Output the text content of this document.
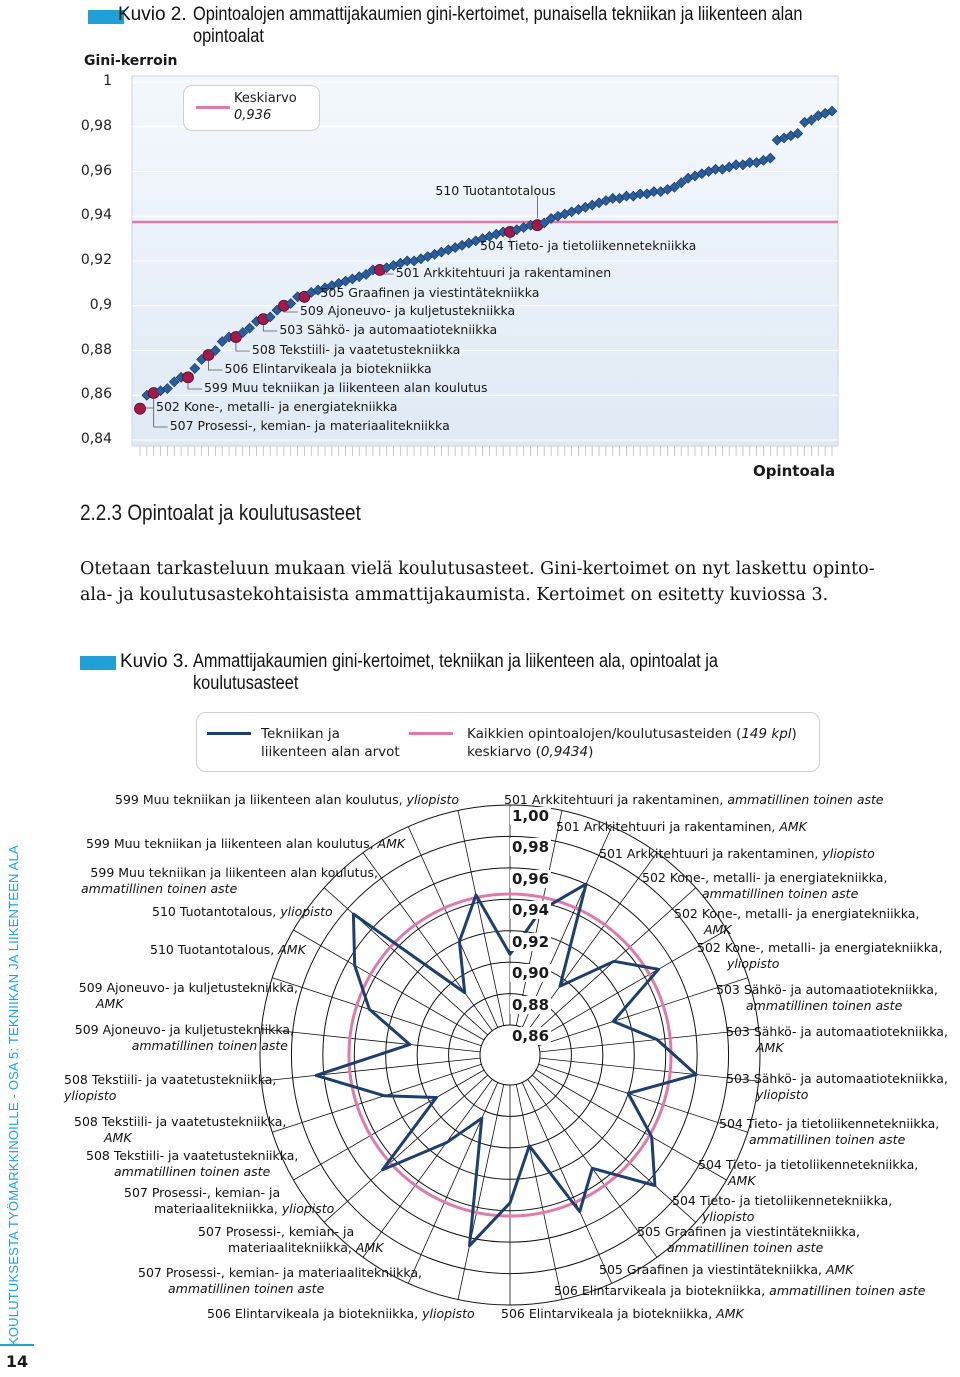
Kuvio 2. Opintoalojen ammattijakaumien gini-kertoimet, punaisella tekniikan ja liikenteen alan opintoalat
Gini-kerroin
1
0,98
0,96
0,94
0,92
0,9
0,88
0,86
0,84
Keskiarvo
0,936
502 Kone-, metalli- ja energiatekniikka
507 Prosessi-, kemian- ja materiaalitekniikka
599 Muu tekniikan ja liikenteen alan koulutus
506 Elintarvikeala ja biotekniikka
508 Tekstiili- ja vaatetustekniikka
503 Sähkö- ja automaatiotekniikka
509 Ajoneuvo- ja kuljetustekniikka
505 Graafinen ja viestintätekniikka
501 Arkkitehtuuri ja rakentaminen
504 Tieto- ja tietoliikennetekniikka
510 Tuotantotalous
Opintoala
2.2.3 Opintoalat ja koulutusasteet
Otetaan tarkasteluun mukaan vielä koulutusasteet. Gini-kertoimet on nyt laskettu opinto-
ala- ja koulutusastekohtaisista ammattijakaumista. Kertoimet on esitetty kuviossa 3.
Kuvio 3. Ammattijakaumien gini-kertoimet, tekniikan ja liikenteen ala, opintoalat ja
koulutusasteet
Tekniikan ja
liikenteen alan arvot
Kaikkien opintoalojen/koulutusasteiden (149 kpl)
keskiarvo (0,9434)
1,00
0,98
0,96
0,94
0,92
0,90
0,88
0,86
599 Muu tekniikan ja liikenteen alan koulutus, yliopisto	501 Arkkitehtuuri ja rakentaminen, ammatillinen toinen aste
501 Arkkitehtuuri ja rakentaminen, AMK
599 Muu tekniikan ja liikenteen alan koulutus, AMK
501 Arkkitehtuuri ja rakentaminen, yliopisto
599 Muu tekniikan ja liikenteen alan koulutus,
ammatillinen toinen aste
502 Kone-, metalli- ja energiatekniikka,
ammatillinen toinen aste
510 Tuotantotalous, yliopisto	502 Kone-, metalli- ja energiatekniikka,
AMK
502 Kone-, metalli- ja energiatekniikka,
yliopisto
510 Tuotantotalous, AMK
509 Ajoneuvo- ja kuljetustekniikka,
AMK
503 Sähkö- ja automaatiotekniikka,
ammatillinen toinen aste
509 Ajoneuvo- ja kuljetustekniikka,
ammatillinen toinen aste
503 Sähkö- ja automaatiotekniikka,
AMK
508 Tekstiili- ja vaatetustekniikka,
yliopisto
503 Sähkö- ja automaatiotekniikka,
yliopisto
508 Tekstiili- ja vaatetustekniikka,
AMK
504 Tieto- ja tietoliikennetekniikka,
ammatillinen toinen aste
508 Tekstiili- ja vaatetustekniikka,
ammatillinen toinen aste	504 Tieto- ja tietoliikennetekniikka,
AMK
507 Prosessi-, kemian- ja
materiaalitekniikka, yliopisto
504 Tieto- ja tietoliikennetekniikka,
yliopisto
507 Prosessi-, kemian- ja
materiaalitekniikka, AMK
505 Graafinen ja viestintätekniikka,
ammatillinen toinen aste
507 Prosessi-, kemian- ja materiaalitekniikka,
ammatillinen toinen aste
505 Graafinen ja viestintätekniikka, AMK
506 Elintarvikeala ja biotekniikka, ammatillinen toinen aste
506 Elintarvikeala ja biotekniikka, yliopisto 506 Elintarvikeala ja biotekniikka, AMK
KOULUTUKSESTA TYÖMARKKINOILLE - OSA 5: TEKNIIKAN JA LIIKENTEEN ALA
14
